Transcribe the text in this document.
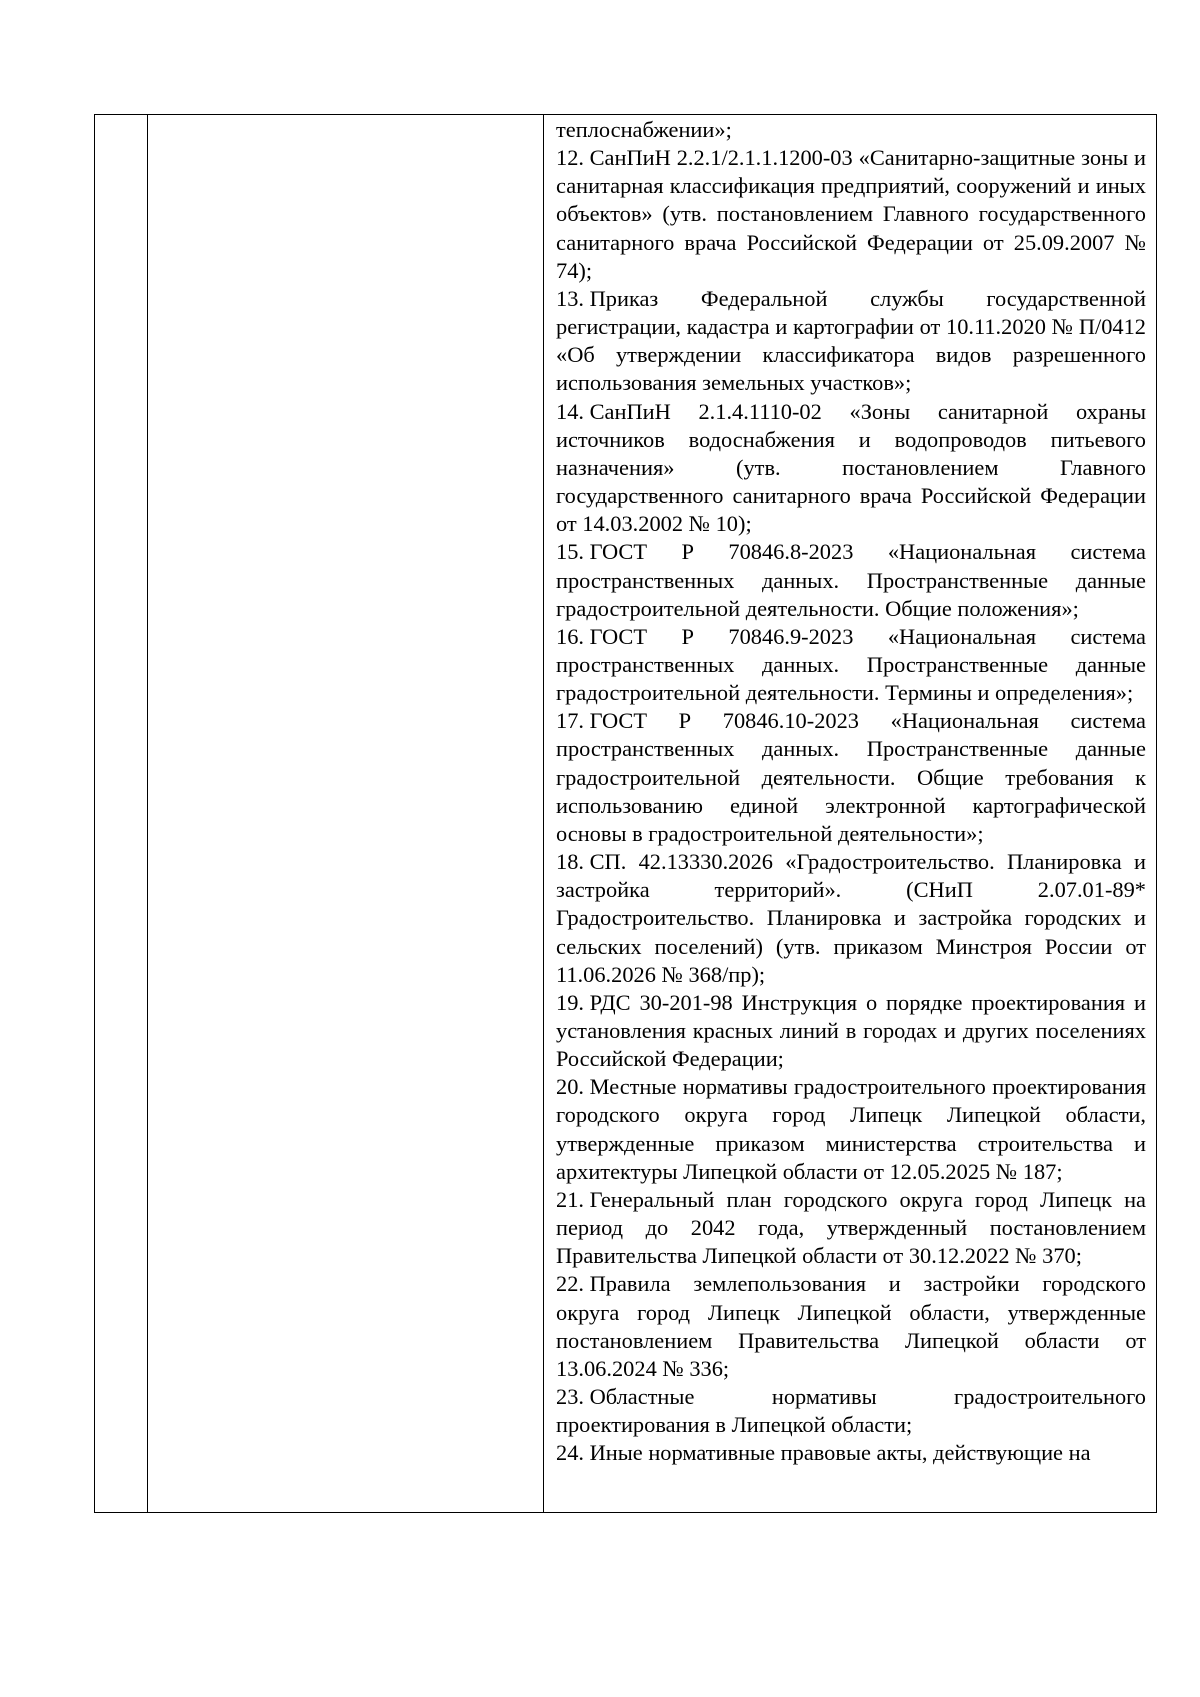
теплоснабжении»;

12. СанПиН 2.2.1/2.1.1.1200-03 «Санитарно-защитные зоны и санитарная классификация предприятий, сооружений и иных объектов» (утв. постановлением Главного государственного санитарного врача Российской Федерации от 25.09.2007 № 74);

13. Приказ Федеральной службы государственной регистрации, кадастра и картографии от 10.11.2020 № П/0412 «Об утверждении классификатора видов разрешенного использования земельных участков»;

14. СанПиН 2.1.4.1110-02 «Зоны санитарной охраны источников водоснабжения и водопроводов питьевого назначения» (утв. постановлением Главного государственного санитарного врача Российской Федерации от 14.03.2002 № 10);

15. ГОСТ Р 70846.8-2023 «Национальная система пространственных данных. Пространственные данные градостроительной деятельности. Общие положения»;

16. ГОСТ Р 70846.9-2023 «Национальная система пространственных данных. Пространственные данные градостроительной деятельности. Термины и определения»;

17. ГОСТ Р 70846.10-2023 «Национальная система пространственных данных. Пространственные данные градостроительной деятельности. Общие требования к использованию единой электронной картографической основы в градостроительной деятельности»;

18. СП. 42.13330.2026 «Градостроительство. Планировка и застройка территорий». (СНиП 2.07.01-89* Градостроительство. Планировка и застройка городских и сельских поселений) (утв. приказом Минстроя России от 11.06.2026 № 368/пр);

19. РДС 30-201-98 Инструкция о порядке проектирования и установления красных линий в городах и других поселениях Российской Федерации;

20. Местные нормативы градостроительного проектирования городского округа город Липецк Липецкой области, утвержденные приказом министерства строительства и архитектуры Липецкой области от 12.05.2025 № 187;

21. Генеральный план городского округа город Липецк на период до 2042 года, утвержденный постановлением Правительства Липецкой области от 30.12.2022 № 370;

22. Правила землепользования и застройки городского округа город Липецк Липецкой области, утвержденные постановлением Правительства Липецкой области от 13.06.2024 № 336;

23. Областные нормативы градостроительного проектирования в Липецкой области;

24. Иные нормативные правовые акты, действующие на
